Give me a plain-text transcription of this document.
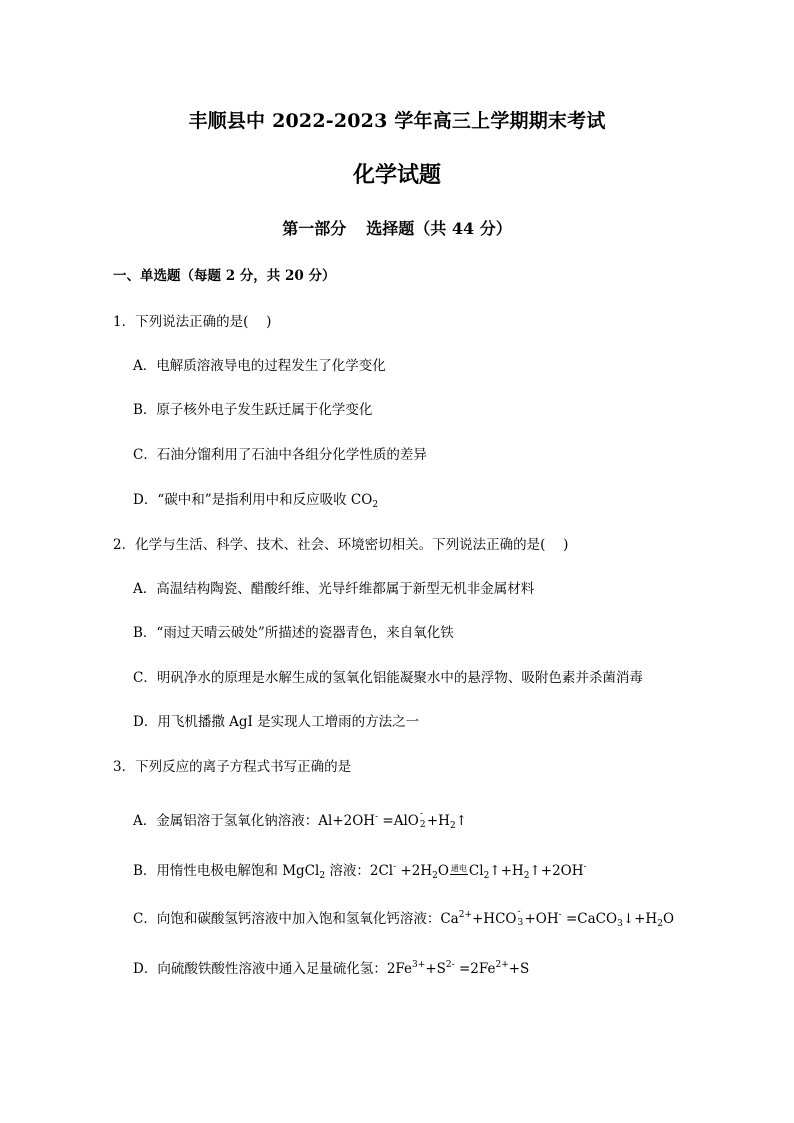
丰顺县中 2022-2023 学年高三上学期期末考试
化学试题
第一部分 选择题（共 44 分）
一、单选题（每题 2 分，共 20 分）
1．下列说法正确的是(　 )
A．电解质溶液导电的过程发生了化学变化
B．原子核外电子发生跃迁属于化学变化
C．石油分馏利用了石油中各组分化学性质的差异
D．“碳中和”是指利用中和反应吸收 $CO_2$
2．化学与生活、科学、技术、社会、环境密切相关。下列说法正确的是(　 )
A．高温结构陶瓷、醋酸纤维、光导纤维都属于新型无机非金属材料
B．“雨过天晴云破处”所描述的瓷器青色，来自氧化铁
C．明矾净水的原理是水解生成的氢氧化铝能凝聚水中的悬浮物、吸附色素并杀菌消毒
D．用飞机播撒 AgI 是实现人工增雨的方法之一
3．下列反应的离子方程式书写正确的是
A．金属铝溶于氢氧化钠溶液：Al+2OH- =AlO -
$2 +H_2↑$
B．用惰性电极电解饱和 MgCl$_2$ 溶液：$2Cl^- +2H_2O$ 通电 $Cl_2↑+H_2↑+2OH^-$
C．向饱和碳酸氢钙溶液中加入饱和氢氧化钙溶液：$Ca^{2+}+HCO$ -
$3 +OH^- =CaCO_3↓+H_2O$
D．向硫酸铁酸性溶液中通入足量硫化氢：$2Fe^{3+}+S^{2-} =2Fe^{2+}+S$
